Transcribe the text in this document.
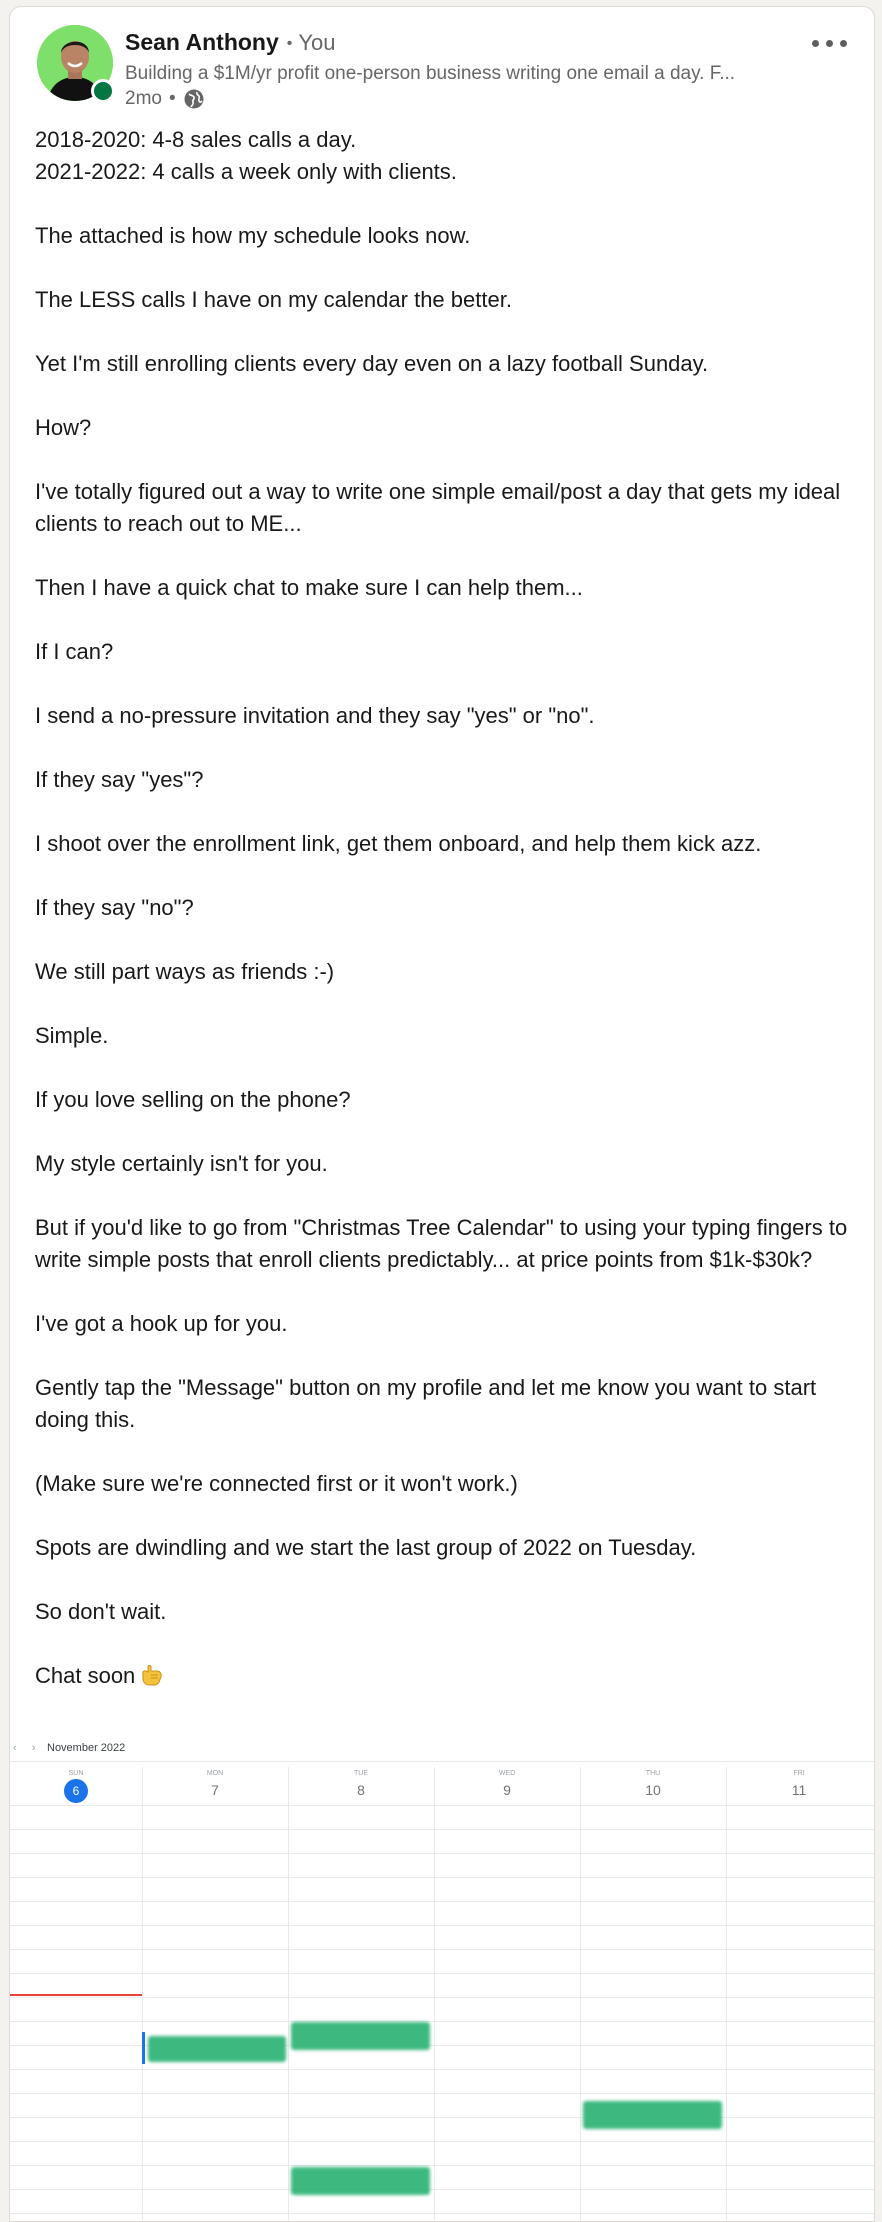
Sean Anthony • You
Building a $1M/yr profit one-person business writing one email a day. F...
2mo •

2018-2020: 4-8 sales calls a day.
2021-2022: 4 calls a week only with clients.

The attached is how my schedule looks now.

The LESS calls I have on my calendar the better.

Yet I'm still enrolling clients every day even on a lazy football Sunday.

How?

I've totally figured out a way to write one simple email/post a day that gets my ideal clients to reach out to ME...

Then I have a quick chat to make sure I can help them...

If I can?

I send a no-pressure invitation and they say "yes" or "no".

If they say "yes"?

I shoot over the enrollment link, get them onboard, and help them kick azz.

If they say "no"?

We still part ways as friends :-)

Simple.

If you love selling on the phone?

My style certainly isn't for you.

But if you'd like to go from "Christmas Tree Calendar" to using your typing fingers to write simple posts that enroll clients predictably... at price points from $1k-$30k?

I've got a hook up for you.

Gently tap the "Message" button on my profile and let me know you want to start doing this.

(Make sure we're connected first or it won't work.)

Spots are dwindling and we start the last group of 2022 on Tuesday.

So don't wait.

Chat soon

‹ › November 2022
SUN
6
MON
7
TUE
8
WED
9
THU
10
FRI
11
